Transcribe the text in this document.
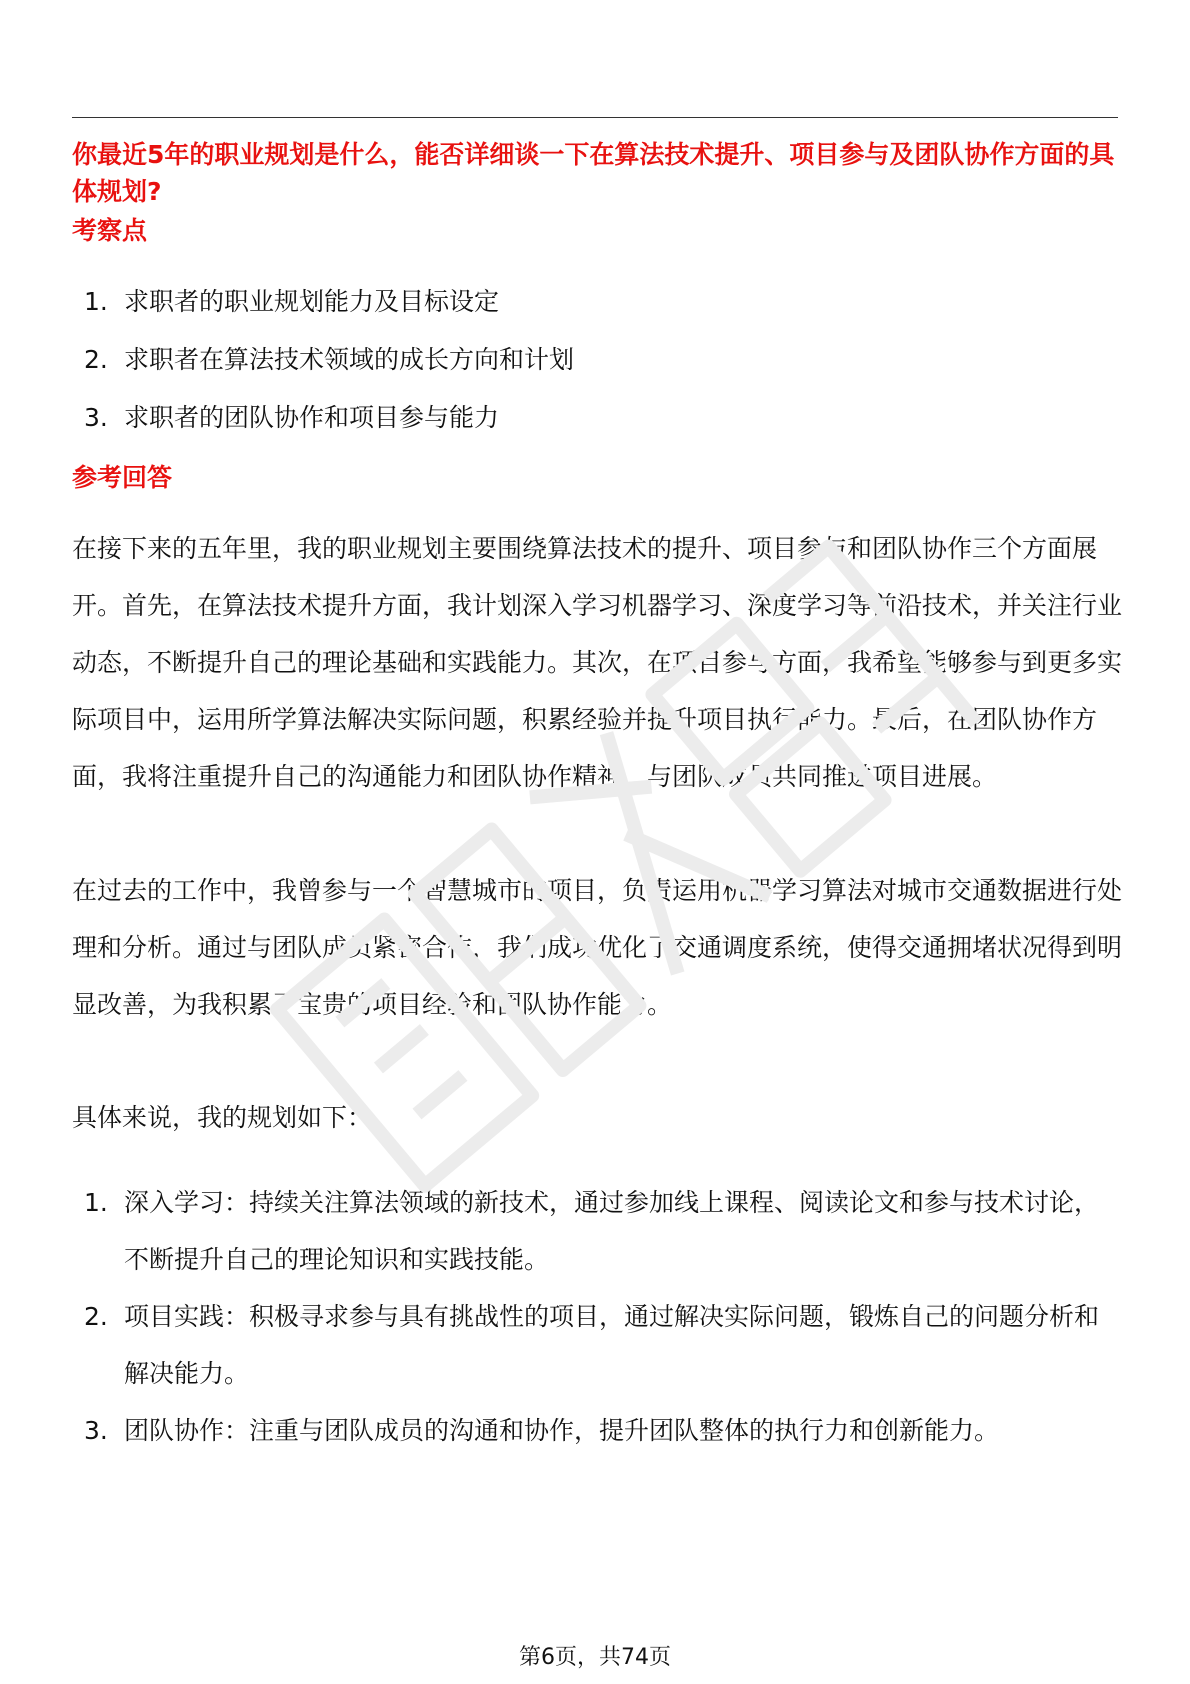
你最近5年的职业规划是什么，能否详细谈一下在算法技术提升、项目参与及团队协作方面的具体规划?
考察点
1. 求职者的职业规划能力及目标设定
2. 求职者在算法技术领域的成长方向和计划
3. 求职者的团队协作和项目参与能力
参考回答

在接下来的五年里，我的职业规划主要围绕算法技术的提升、项目参与和团队协作三个方面展开。首先，在算法技术提升方面，我计划深入学习机器学习、深度学习等前沿技术，并关注行业动态，不断提升自己的理论基础和实践能力。其次，在项目参与方面，我希望能够参与到更多实际项目中，运用所学算法解决实际问题，积累经验并提升项目执行能力。最后，在团队协作方面，我将注重提升自己的沟通能力和团队协作精神，与团队成员共同推进项目进展。

在过去的工作中，我曾参与一个智慧城市的项目，负责运用机器学习算法对城市交通数据进行处理和分析。通过与团队成员紧密合作，我们成功优化了交通调度系统，使得交通拥堵状况得到明显改善，为我积累了宝贵的项目经验和团队协作能力。

具体来说，我的规划如下：

1. 深入学习：持续关注算法领域的新技术，通过参加线上课程、阅读论文和参与技术讨论，不断提升自己的理论知识和实践技能。
2. 项目实践：积极寻求参与具有挑战性的项目，通过解决实际问题，锻炼自己的问题分析和解决能力。
3. 团队协作：注重与团队成员的沟通和协作，提升团队整体的执行力和创新能力。
第6页，共74页
